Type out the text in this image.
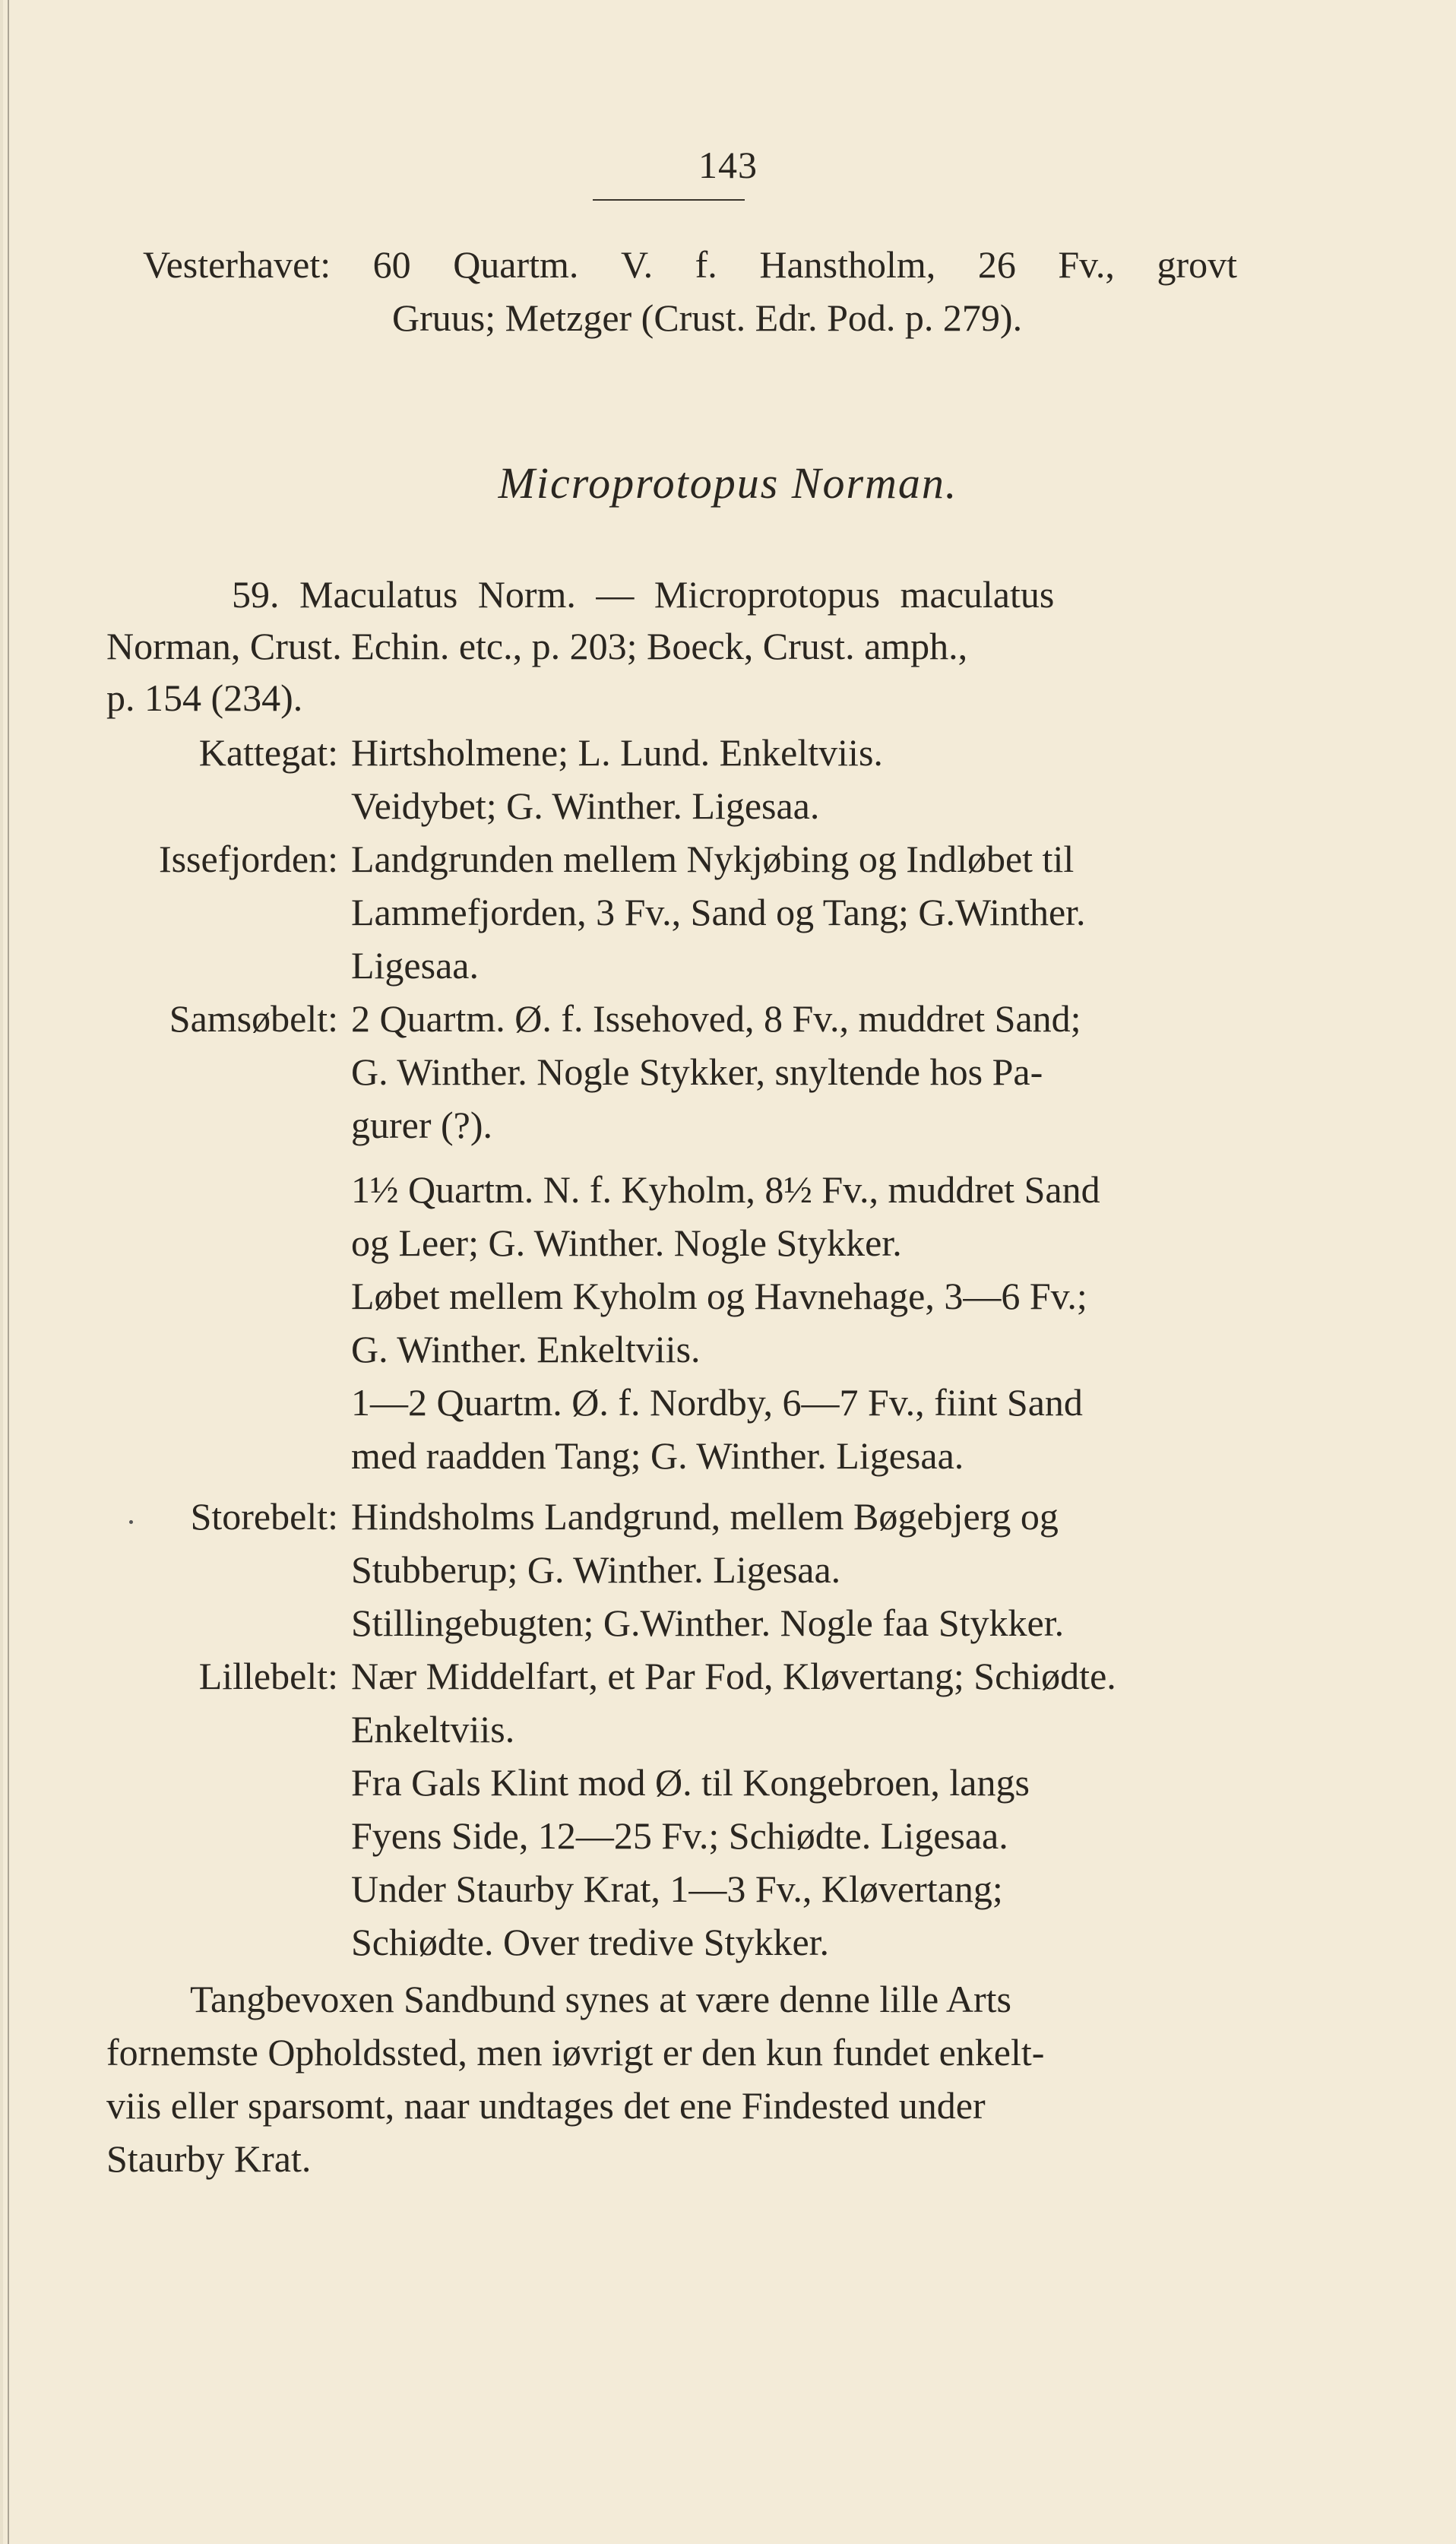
143
Vesterhavet: 60 Quartm. V. f. Hanstholm, 26 Fv., grovt
Gruus; Metzger (Crust. Edr. Pod. p. 279).
Microprotopus Norman.
59. Maculatus Norm. — Microprotopus maculatus
Norman, Crust. Echin. etc., p. 203; Boeck, Crust. amph.,
p. 154 (234).
Kattegat: Hirtsholmene; L. Lund. Enkeltviis.
Veidybet; G. Winther. Ligesaa.
Issefjorden: Landgrunden mellem Nykjøbing og Indløbet til
Lammefjorden, 3 Fv., Sand og Tang; G.Winther.
Ligesaa.
Samsøbelt: 2 Quartm. Ø. f. Issehoved, 8 Fv., muddret Sand;
G. Winther. Nogle Stykker, snyltende hos Pa-
gurer (?).
1½ Quartm. N. f. Kyholm, 8½ Fv., muddret Sand
og Leer; G. Winther. Nogle Stykker.
Løbet mellem Kyholm og Havnehage, 3—6 Fv.;
G. Winther. Enkeltviis.
1—2 Quartm. Ø. f. Nordby, 6—7 Fv., fiint Sand
med raadden Tang; G. Winther. Ligesaa.
Storebelt: Hindsholms Landgrund, mellem Bøgebjerg og
Stubberup; G. Winther. Ligesaa.
Stillingebugten; G.Winther. Nogle faa Stykker.
Lillebelt: Nær Middelfart, et Par Fod, Kløvertang; Schiødte.
Enkeltviis.
Fra Gals Klint mod Ø. til Kongebroen, langs
Fyens Side, 12—25 Fv.; Schiødte. Ligesaa.
Under Staurby Krat, 1—3 Fv., Kløvertang;
Schiødte. Over tredive Stykker.
Tangbevoxen Sandbund synes at være denne lille Arts
fornemste Opholdssted, men iøvrigt er den kun fundet enkelt-
viis eller sparsomt, naar undtages det ene Findested under
Staurby Krat.
